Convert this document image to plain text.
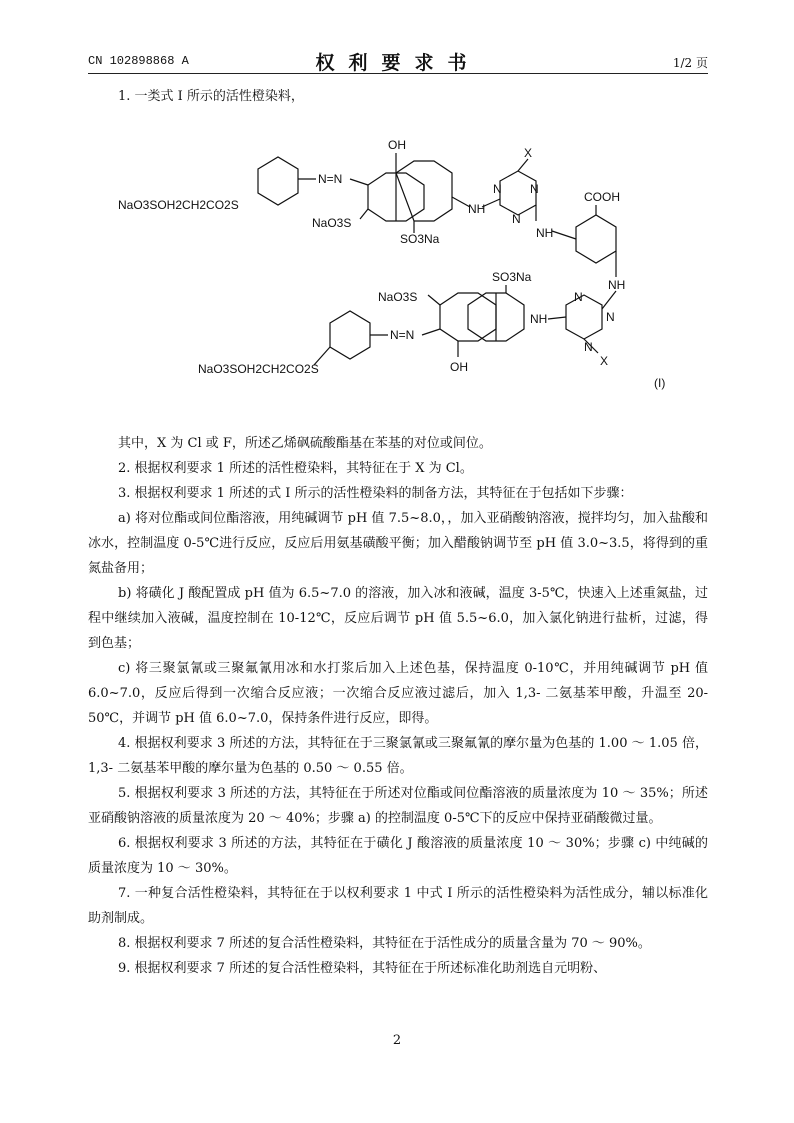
CN 102898868 A	权利要求书	1/2 页

1. 一类式 I 所示的活性橙染料，

OH
N=N
X
NaO3SOH2CH2CO2S
NaO3S
NH
N N
N
SO3Na
COOH
NH
NH
SO3Na
NH
N
N
N
X
NaO3S
N=N
OH
NaO3SOH2CH2CO2S
(I)

其中，X 为 Cl 或 F，所述乙烯砜硫酸酯基在苯基的对位或间位。

2. 根据权利要求 1 所述的活性橙染料，其特征在于 X 为 Cl。

3. 根据权利要求 1 所述的式 I 所示的活性橙染料的制备方法，其特征在于包括如下步骤：

a) 将对位酯或间位酯溶液，用纯碱调节 pH 值 7.5~8.0，，加入亚硝酸钠溶液，搅拌均匀，加入盐酸和冰水，控制温度 0-5℃进行反应，反应后用氨基磺酸平衡；加入醋酸钠调节至 pH 值 3.0~3.5，将得到的重氮盐备用；

b) 将磺化 J 酸配置成 pH 值为 6.5~7.0 的溶液，加入冰和液碱，温度 3-5℃，快速入上述重氮盐，过程中继续加入液碱，温度控制在 10-12℃，反应后调节 pH 值 5.5~6.0，加入氯化钠进行盐析，过滤，得到色基；

c) 将三聚氯氰或三聚氟氰用冰和水打浆后加入上述色基，保持温度 0-10℃，并用纯碱调节 pH 值 6.0~7.0，反应后得到一次缩合反应液；一次缩合反应液过滤后，加入 1,3- 二氨基苯甲酸，升温至 20-50℃，并调节 pH 值 6.0~7.0，保持条件进行反应，即得。

4. 根据权利要求 3 所述的方法，其特征在于三聚氯氰或三聚氟氰的摩尔量为色基的 1.00 ～ 1.05 倍，1,3- 二氨基苯甲酸的摩尔量为色基的 0.50 ～ 0.55 倍。

5. 根据权利要求 3 所述的方法，其特征在于所述对位酯或间位酯溶液的质量浓度为 10 ～ 35%；所述亚硝酸钠溶液的质量浓度为 20 ～ 40%；步骤 a) 的控制温度 0-5℃下的反应中保持亚硝酸微过量。

6. 根据权利要求 3 所述的方法，其特征在于磺化 J 酸溶液的质量浓度 10 ～ 30%；步骤 c) 中纯碱的质量浓度为 10 ～ 30%。

7. 一种复合活性橙染料，其特征在于以权利要求 1 中式 I 所示的活性橙染料为活性成分，辅以标准化助剂制成。

8. 根据权利要求 7 所述的复合活性橙染料，其特征在于活性成分的质量含量为 70 ～ 90%。

9. 根据权利要求 7 所述的复合活性橙染料，其特征在于所述标准化助剂选自元明粉、

2
